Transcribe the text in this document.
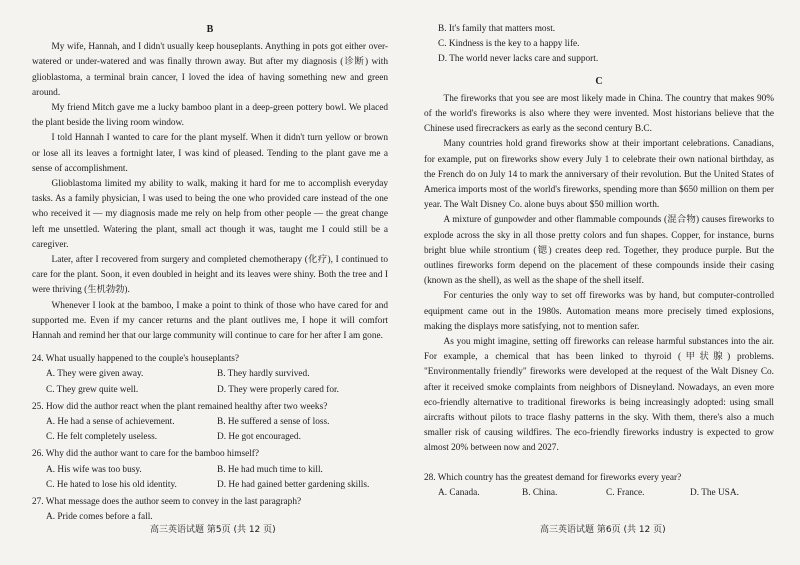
B

My wife, Hannah, and I didn't usually keep houseplants. Anything in pots got either over-watered or under-watered and was finally thrown away. But after my diagnosis (诊断) with glioblastoma, a terminal brain cancer, I loved the idea of having something new and green around.

My friend Mitch gave me a lucky bamboo plant in a deep-green pottery bowl. We placed the plant beside the living room window.

I told Hannah I wanted to care for the plant myself. When it didn't turn yellow or brown or lose all its leaves a fortnight later, I was kind of pleased. Tending to the plant gave me a sense of accomplishment.

Glioblastoma limited my ability to walk, making it hard for me to accomplish everyday tasks. As a family physician, I was used to being the one who provided care instead of the one who received it — my diagnosis made me rely on help from other people — the great change left me unsettled. Watering the plant, small act though it was, taught me I could still be a caregiver.

Later, after I recovered from surgery and completed chemotherapy (化疗), I continued to care for the plant. Soon, it even doubled in height and its leaves were shiny. Both the tree and I were thriving (生机勃勃).

Whenever I look at the bamboo, I make a point to think of those who have cared for and supported me. Even if my cancer returns and the plant outlives me, I hope it will comfort Hannah and remind her that our large community will continue to care for her after I am gone.

24. What usually happened to the couple's houseplants?
A. They were given away.	B. They hardly survived.
C. They grew quite well.	D. They were properly cared for.
25. How did the author react when the plant remained healthy after two weeks?
A. He had a sense of achievement.	B. He suffered a sense of loss.
C. He felt completely useless.	D. He got encouraged.
26. Why did the author want to care for the bamboo himself?
A. His wife was too busy.	B. He had much time to kill.
C. He hated to lose his old identity.	D. He had gained better gardening skills.
27. What message does the author seem to convey in the last paragraph?
A. Pride comes before a fall.
高三英语试题 第5页 (共 12 页)
B. It's family that matters most.
C. Kindness is the key to a happy life.
D. The world never lacks care and support.
C

The fireworks that you see are most likely made in China. The country that makes 90% of the world's fireworks is also where they were invented. Most historians believe that the Chinese used firecrackers as early as the second century B.C.

Many countries hold grand fireworks show at their important celebrations. Canadians, for example, put on fireworks show every July 1 to celebrate their own national birthday, as the French do on July 14 to mark the anniversary of their revolution. But the United States of America imports most of the world's fireworks, spending more than $650 million on them per year. The Walt Disney Co. alone buys about $50 million worth.

A mixture of gunpowder and other flammable compounds (混合物) causes fireworks to explode across the sky in all those pretty colors and fun shapes. Copper, for instance, burns bright blue while strontium (锶) creates deep red. Together, they produce purple. But the outlines fireworks form depend on the placement of these compounds inside their casing (known as the shell), as well as the shape of the shell itself.

For centuries the only way to set off fireworks was by hand, but computer-controlled equipment came out in the 1980s. Automation means more precisely timed explosions, making the displays more satisfying, not to mention safer.

As you might imagine, setting off fireworks can release harmful substances into the air. For example, a chemical that has been linked to thyroid (甲状腺) problems. "Environmentally friendly" fireworks were developed at the request of the Walt Disney Co. after it received smoke complaints from neighbors of Disneyland. Nowadays, an even more eco-friendly alternative to traditional fireworks is being increasingly adopted: using small aircrafts without pilots to trace flashy patterns in the sky. With them, there's also a much smaller risk of causing wildfires. The eco-friendly fireworks industry is expected to grow almost 20% between now and 2027.

28. Which country has the greatest demand for fireworks every year?
A. Canada.	B. China.	C. France.	D. The USA.
高三英语试题 第6页 (共 12 页)
